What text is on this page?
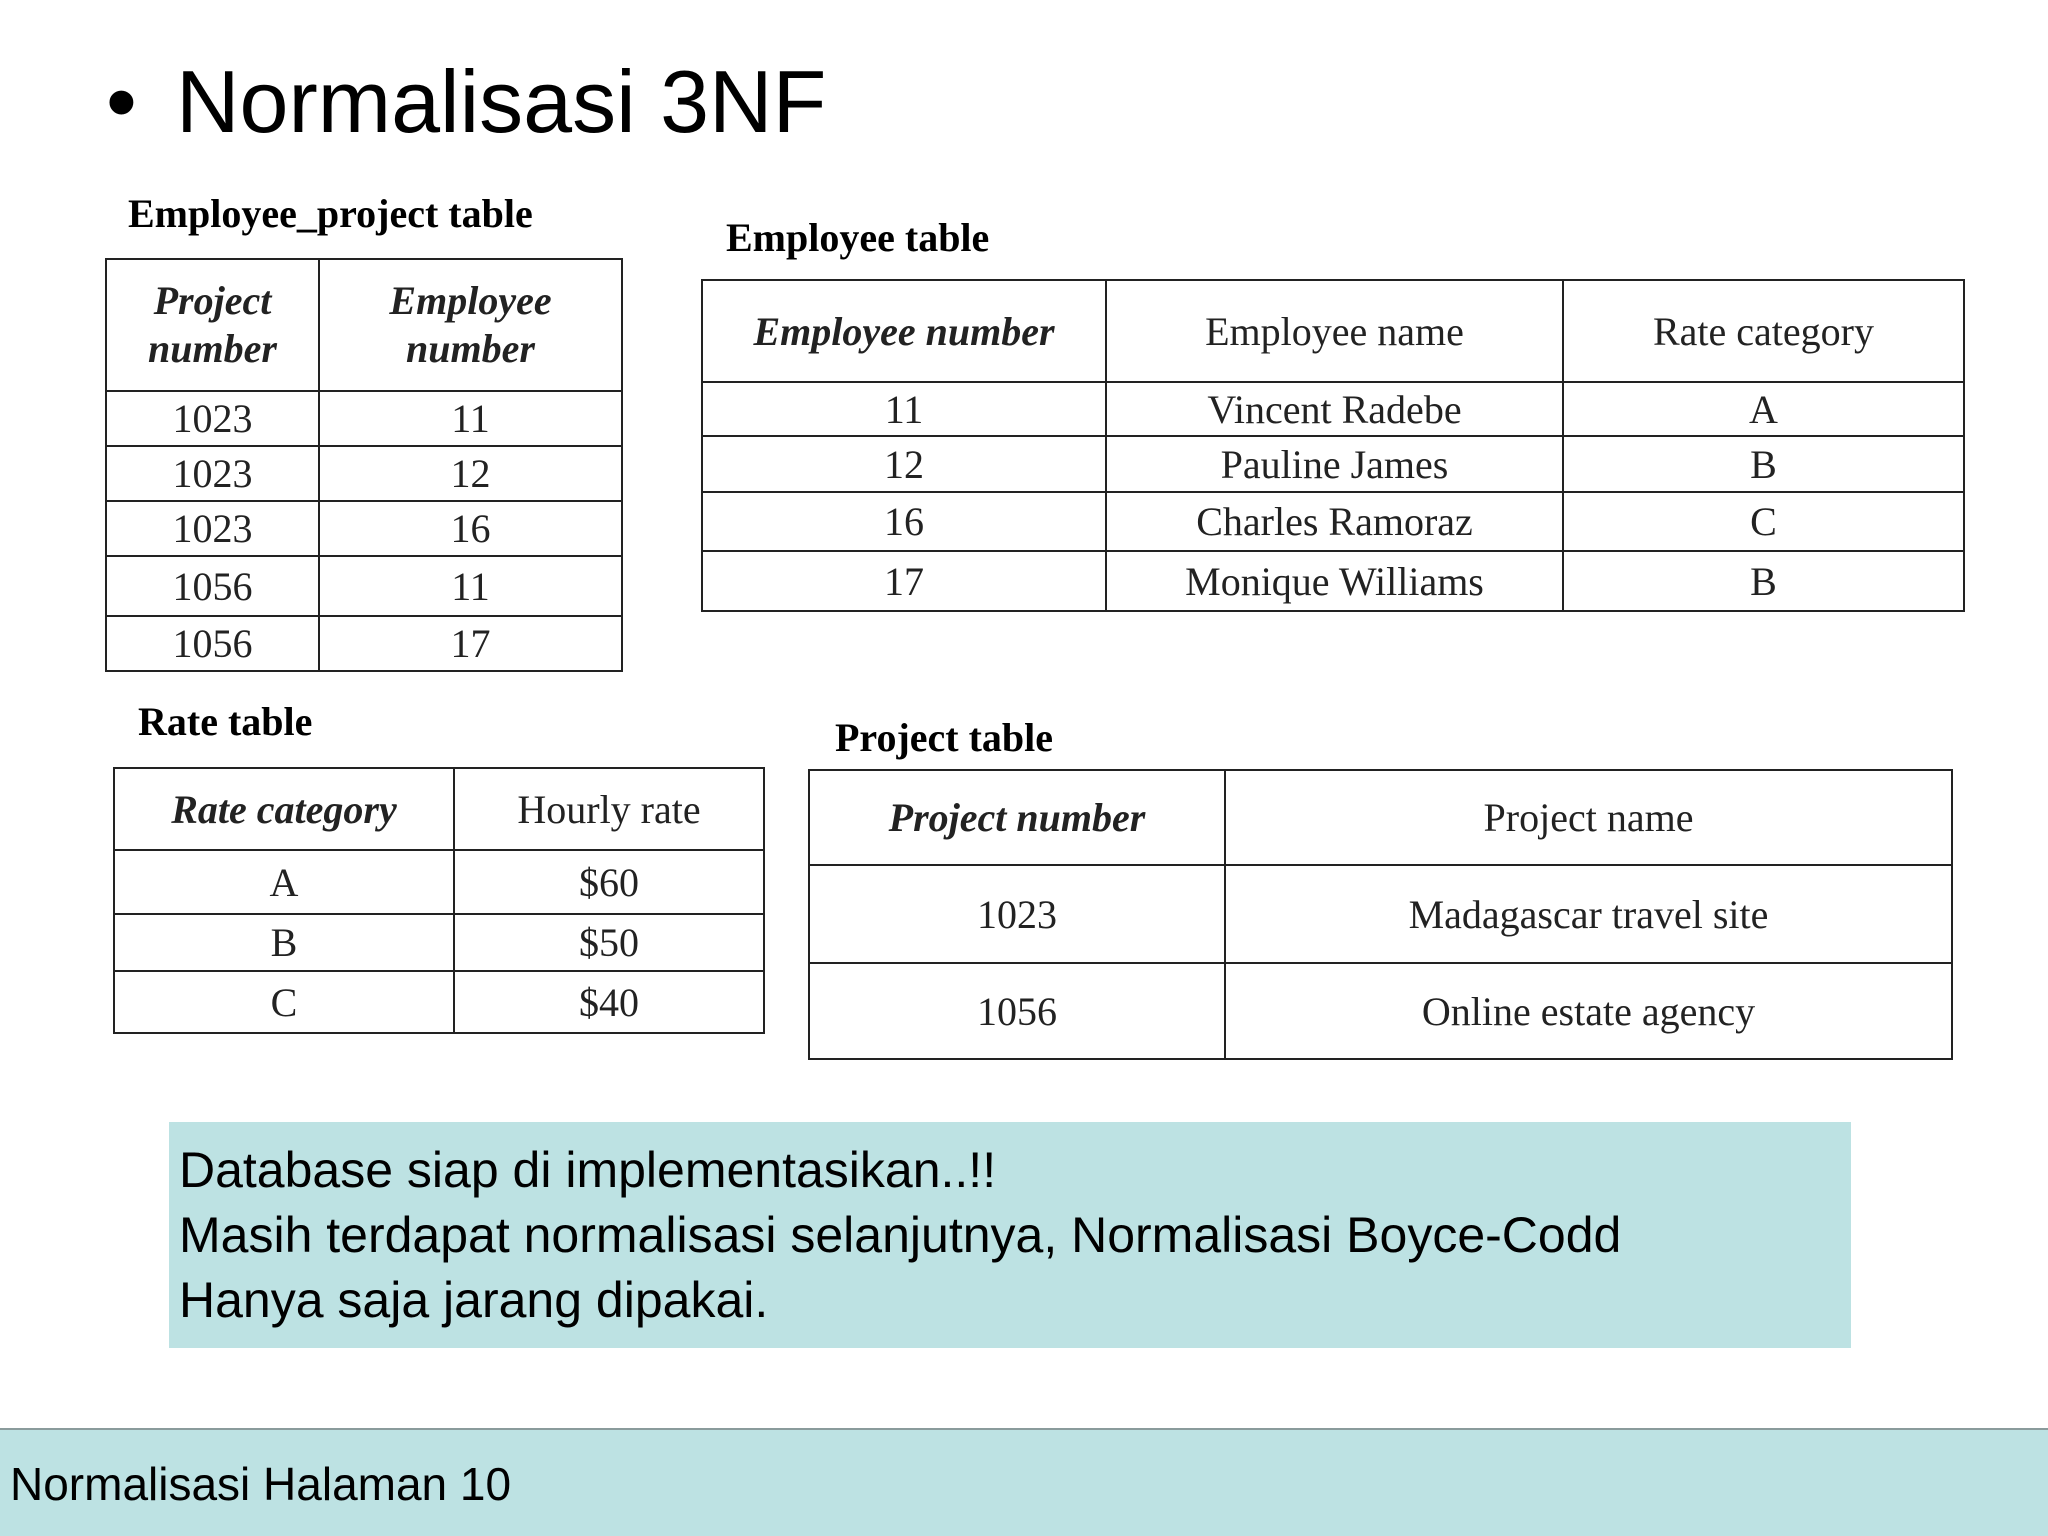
• Normalisasi 3NF
Employee_project table
Project number	Employee number
1023	11
1023	12
1023	16
1056	11
1056	17
Employee table
Employee number	Employee name	Rate category
11	Vincent Radebe	A
12	Pauline James	B
16	Charles Ramoraz	C
17	Monique Williams	B
Rate table
Rate category	Hourly rate
A	$60
B	$50
C	$40
Project table
Project number	Project name
1023	Madagascar travel site
1056	Online estate agency
Database siap di implementasikan..!!
Masih terdapat normalisasi selanjutnya, Normalisasi Boyce-Codd
Hanya saja jarang dipakai.
Normalisasi Halaman 10
